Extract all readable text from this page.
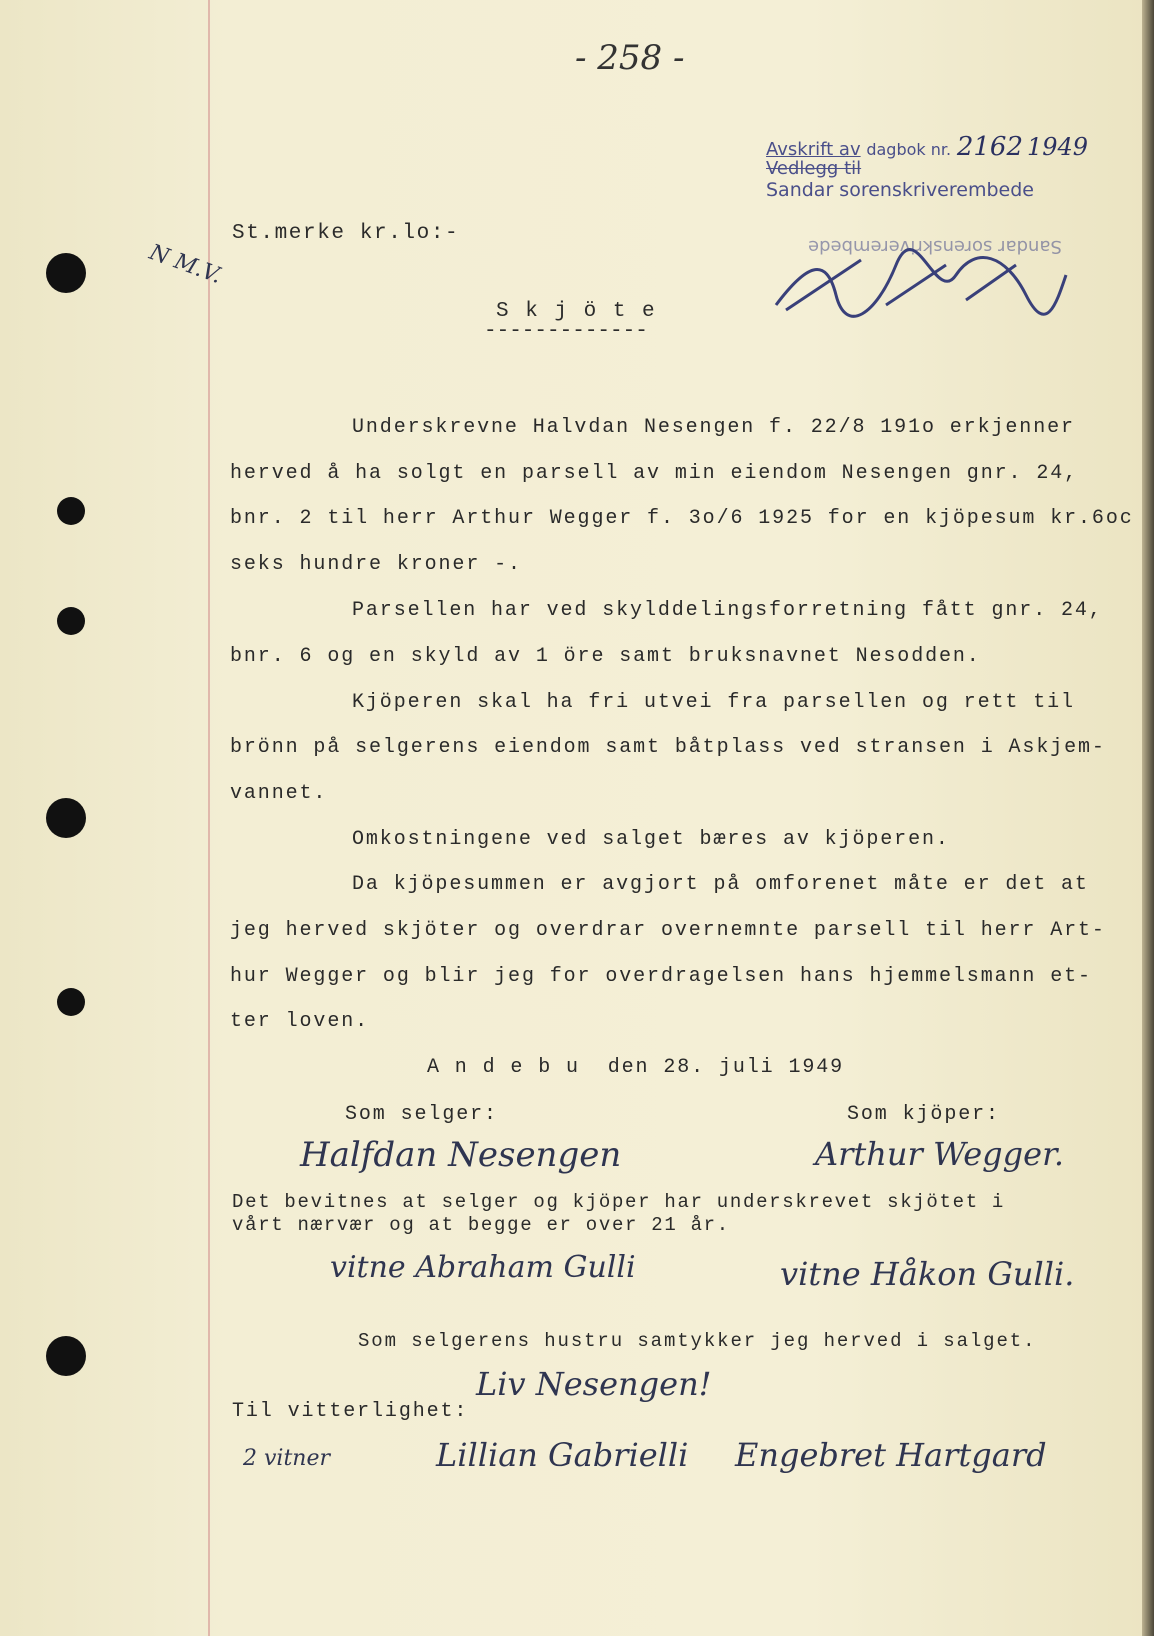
- 258 -
Avskrift av dagbok nr. 2162 1949
Vedlegg til
Sandar sorenskriverembede
Sandar sorenskriverembede
St.merke kr.lo:-
N M.V.
S k j ö t e
-------------
Underskrevne Halvdan Nesengen f. 22/8 191o erkjenner
herved å ha solgt en parsell av min eiendom Nesengen gnr. 24,
bnr. 2 til herr Arthur Wegger f. 3o/6 1925 for en kjöpesum kr.6oc
seks hundre kroner -.
Parsellen har ved skylddelingsforretning fått gnr. 24,
bnr. 6 og en skyld av 1 öre samt bruksnavnet Nesodden.
Kjöperen skal ha fri utvei fra parsellen og rett til
brönn på selgerens eiendom samt båtplass ved stransen i Askjem-
vannet.
Omkostningene ved salget bæres av kjöperen.
Da kjöpesummen er avgjort på omforenet måte er det at
jeg herved skjöter og overdrar overnemnte parsell til herr Art-
hur Wegger og blir jeg for overdragelsen hans hjemmelsmann et-
ter loven.
A n d e b u  den 28. juli 1949
Som selger:	Som kjöper:
Halfdan Nesengen	Arthur Wegger.
Det bevitnes at selger og kjöper har underskrevet skjötet i
vårt nærvær og at begge er over 21 år.
vitne Abraham Gulli	vitne Håkon Gulli.
Som selgerens hustru samtykker jeg herved i salget.
Liv Nesengen!
Til vitterlighet:
2 vitner	Lillian Gabrielli Engebret Hartgard
